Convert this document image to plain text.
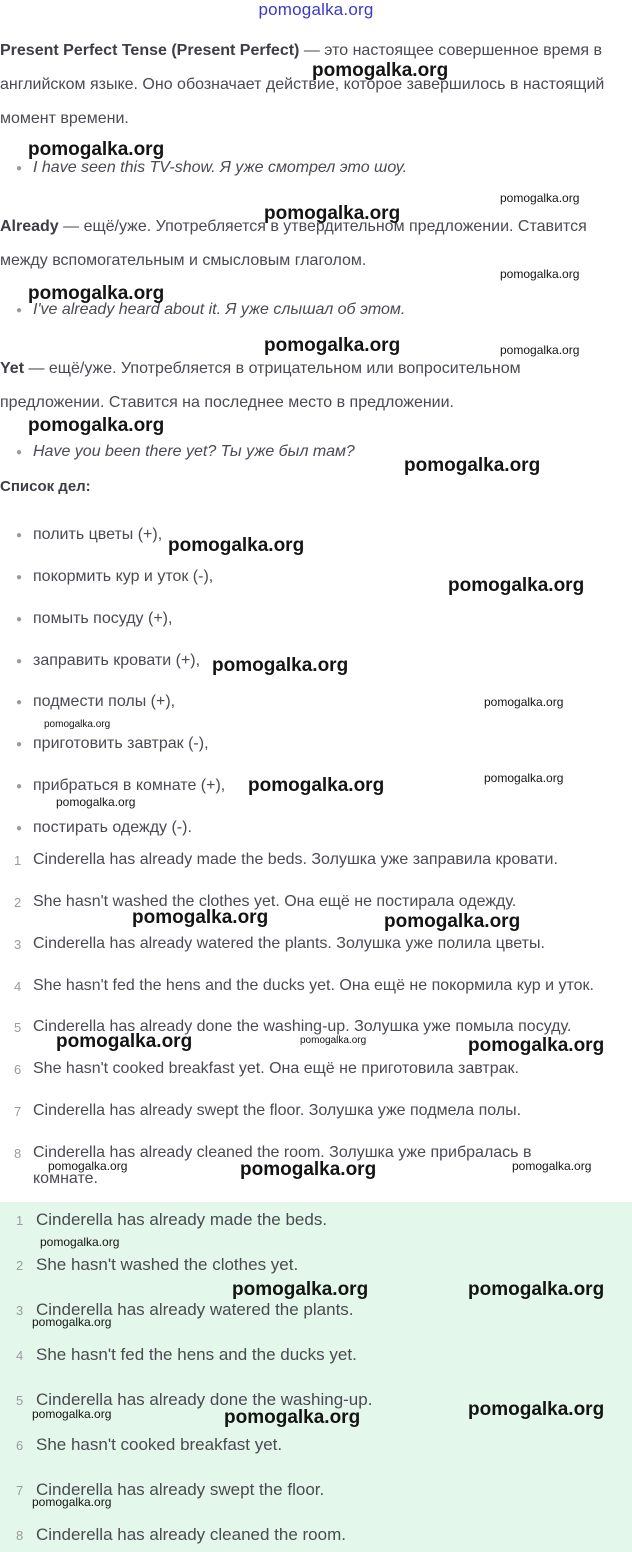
pomogalka.org

Present Perfect Tense (Present Perfect) — это настоящее совершенное время в английском языке. Оно обозначает действие, которое завершилось в настоящий момент времени.

● I have seen this TV-show. Я уже смотрел это шоу.

Already — ещё/уже. Употребляется в утвердительном предложении. Ставится между вспомогательным и смысловым глаголом.

● I've already heard about it. Я уже слышал об этом.

Yet — ещё/уже. Употребляется в отрицательном или вопросительном предложении. Ставится на последнее место в предложении.

● Have you been there yet? Ты уже был там?
Список дел:
● полить цветы (+),
● покормить кур и уток (-),
● помыть посуду (+),
● заправить кровати (+),
● подмести полы (+),
● приготовить завтрак (-),
● прибраться в комнате (+),
● постирать одежду (-).
1 Cinderella has already made the beds. Золушка уже заправила кровати.
2 She hasn't washed the clothes yet. Она ещё не постирала одежду.
3 Cinderella has already watered the plants. Золушка уже полила цветы.
4 She hasn't fed the hens and the ducks yet. Она ещё не покормила кур и уток.
5 Cinderella has already done the washing-up. Золушка уже помыла посуду.
6 She hasn't cooked breakfast yet. Она ещё не приготовила завтрак.
7 Cinderella has already swept the floor. Золушка уже подмела полы.
8 Cinderella has already cleaned the room. Золушка уже прибралась в комнате.
1 Cinderella has already made the beds.
2 She hasn't washed the clothes yet.
3 Cinderella has already watered the plants.
4 She hasn't fed the hens and the ducks yet.
5 Cinderella has already done the washing-up.
6 She hasn't cooked breakfast yet.
7 Cinderella has already swept the floor.
8 Cinderella has already cleaned the room.
pomogalka.org
pomogalka.org
pomogalka.org
pomogalka.org
pomogalka.org
pomogalka.org
pomogalka.org	pomogalka.org
pomogalka.org
pomogalka.org
pomogalka.org
pomogalka.org
pomogalka.org
pomogalka.org
pomogalka.org
pomogalka.org	pomogalka.org
pomogalka.org
pomogalka.org	pomogalka.org
pomogalka.org	pomogalka.org	pomogalka.org
pomogalka.org	pomogalka.org	pomogalka.org
pomogalka.org
pomogalka.org	pomogalka.org
pomogalka.org
pomogalka.org	pomogalka.org	pomogalka.org
pomogalka.org
